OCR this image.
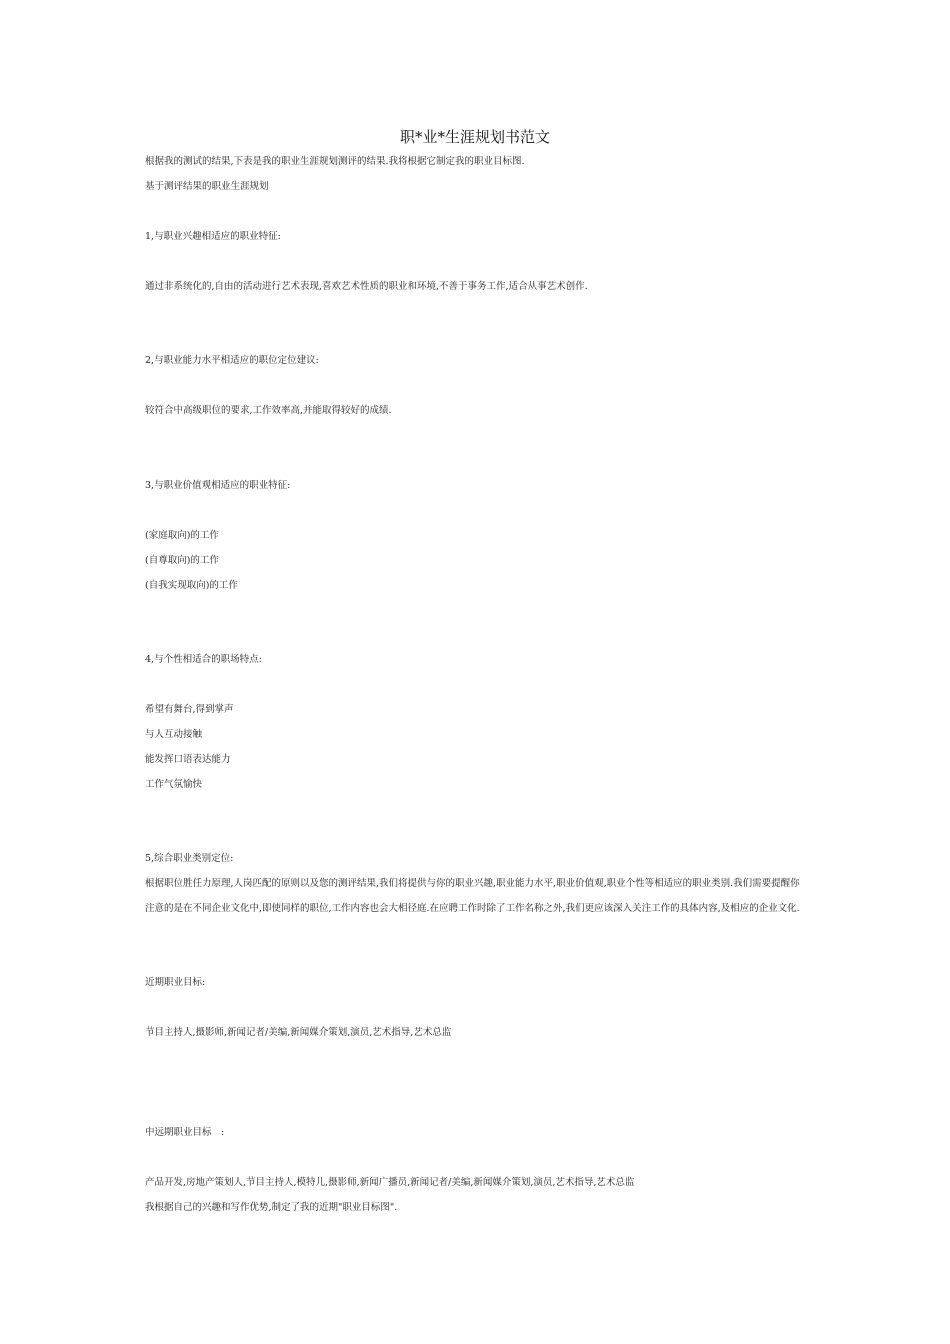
职*业*生涯规划书范文
根据我的测试的结果,下表是我的职业生涯规划测评的结果.我将根据它制定我的职业目标图.
基于测评结果的职业生涯规划
1,与职业兴趣相适应的职业特征:
通过非系统化的,自由的活动进行艺术表现,喜欢艺术性质的职业和环境,不善于事务工作,适合从事艺术创作.
2,与职业能力水平相适应的职位定位建议:
较符合中高级职位的要求,工作效率高,并能取得较好的成绩.
3,与职业价值观相适应的职业特征:
(家庭取向)的工作
(自尊取向)的工作
(自我实现取向)的工作
4,与个性相适合的职场特点:
希望有舞台,得到掌声
与人互动接触
能发挥口语表达能力
工作气氛愉快
5,综合职业类别定位:
根据职位胜任力原理,人岗匹配的原则以及您的测评结果,我们将提供与你的职业兴趣,职业能力水平,职业价值观,职业个性等相适应的职业类别.我们需要提醒你
注意的是在不同企业文化中,即使同样的职位,工作内容也会大相径庭.在应聘工作时除了工作名称之外,我们更应该深入关注工作的具体内容,及相应的企业文化.
近期职业目标:
节目主持人,摄影师,新闻记者/美编,新闻媒介策划,演员,艺术指导,艺术总监
中远期职业目标　:
产品开发,房地产策划人,节目主持人,模特儿,摄影师,新闻广播员,新闻记者/美编,新闻媒介策划,演员,艺术指导,艺术总监
我根据自己的兴趣和写作优势,制定了我的近期"职业目标图".
